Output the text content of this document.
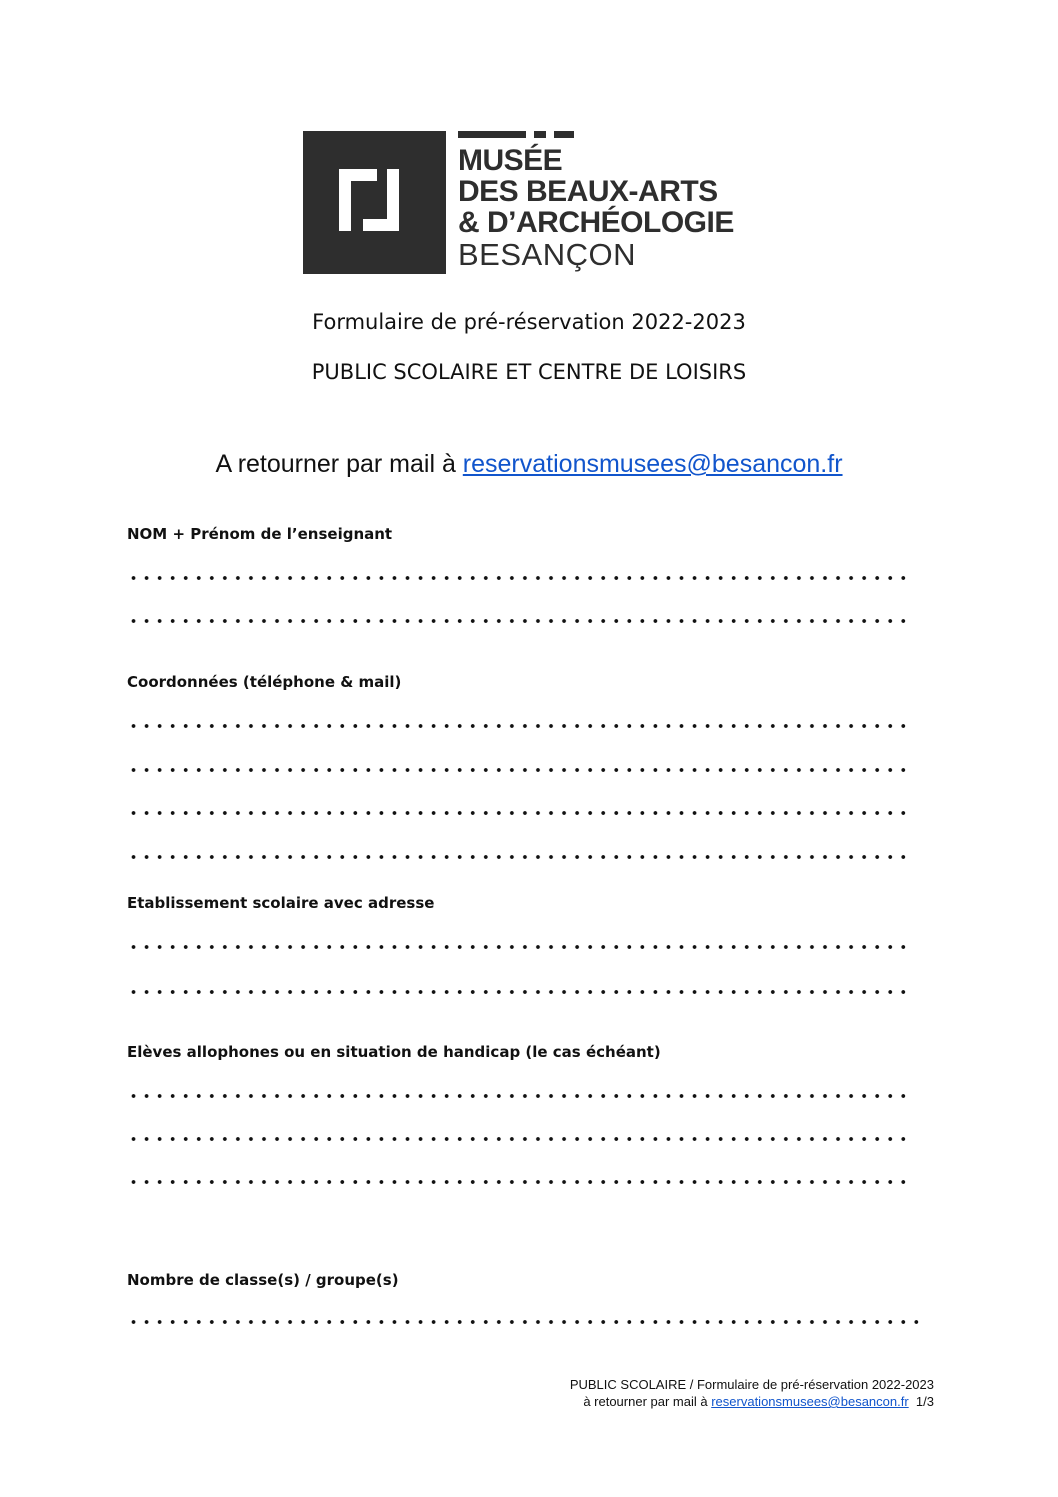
MUSÉE
DES BEAUX-ARTS
& D’ARCHÉOLOGIE
BESANÇON
Formulaire de pré-réservation 2022-2023
PUBLIC SCOLAIRE ET CENTRE DE LOISIRS
A retourner par mail à reservationsmusees@besancon.fr
NOM + Prénom de l’enseignant
Coordonnées (téléphone & mail)
Etablissement scolaire avec adresse
Elèves allophones ou en situation de handicap (le cas échéant)
Nombre de classe(s) / groupe(s)
PUBLIC SCOLAIRE / Formulaire de pré-réservation 2022-2023
à retourner par mail à reservationsmusees@besancon.fr 1/3
